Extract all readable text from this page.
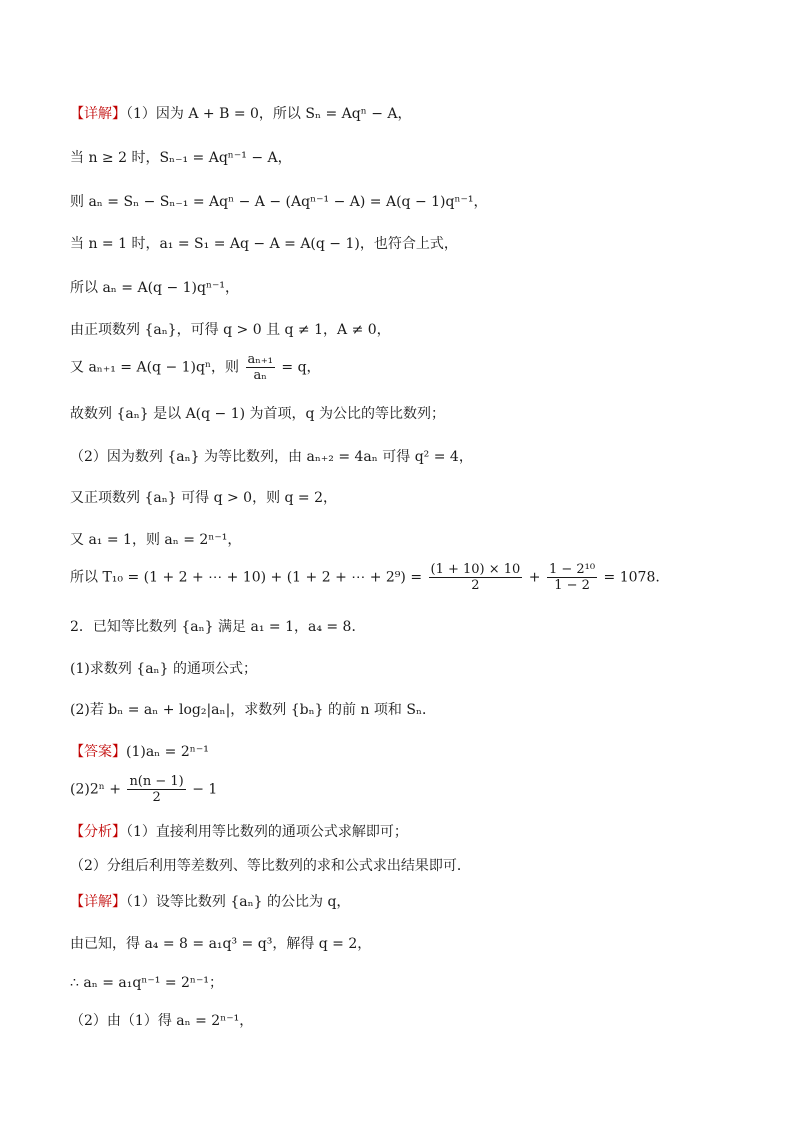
【详解】（1）因为 A + B = 0，所以 Sₙ = Aqⁿ − A，
当 n ≥ 2 时，Sₙ₋₁ = Aqⁿ⁻¹ − A，
则 aₙ = Sₙ − Sₙ₋₁ = Aqⁿ − A − (Aqⁿ⁻¹ − A) = A(q − 1)qⁿ⁻¹，
当 n = 1 时，a₁ = S₁ = Aq − A = A(q − 1)，也符合上式，
所以 aₙ = A(q − 1)qⁿ⁻¹，
由正项数列 {aₙ}，可得 q > 0 且 q ≠ 1，A ≠ 0，
又 aₙ₊₁ = A(q − 1)qⁿ，则 $\frac{\text{aₙ₊₁}}{\text{aₙ}} = q$，
故数列 {aₙ} 是以 A(q − 1) 为首项，q 为公比的等比数列；
（2）因为数列 {aₙ} 为等比数列，由 aₙ₊₂ = 4aₙ 可得 q² = 4，
又正项数列 {aₙ} 可得 q > 0，则 q = 2，
又 a₁ = 1，则 aₙ = 2ⁿ⁻¹，
所以 T₁₀ = (1 + 2 + ⋯ + 10) + (1 + 2 + ⋯ + $2^9) = \frac{(1 + 10) \times 10}{2} + \frac{\text{1 − 2¹⁰}}{1 - 2} = 1078$.
2．已知等比数列 {aₙ} 满足 a₁ = 1，a₄ = 8．
(1)求数列 {aₙ} 的通项公式；
(2)若 bₙ = aₙ + log₂|aₙ|，求数列 {bₙ} 的前 n 项和 Sₙ．
【答案】(1)aₙ = 2ⁿ⁻¹
$(2)2^n + \frac{n(n - 1)}{2} - 1$
【分析】（1）直接利用等比数列的通项公式求解即可；
（2）分组后利用等差数列、等比数列的求和公式求出结果即可．
【详解】（1）设等比数列 {aₙ} 的公比为 q，
由已知，得 a₄ = 8 = a₁q³ = q³，解得 q = 2，
∴ aₙ = a₁qⁿ⁻¹ = 2ⁿ⁻¹；
（2）由（1）得 aₙ = 2ⁿ⁻¹，
